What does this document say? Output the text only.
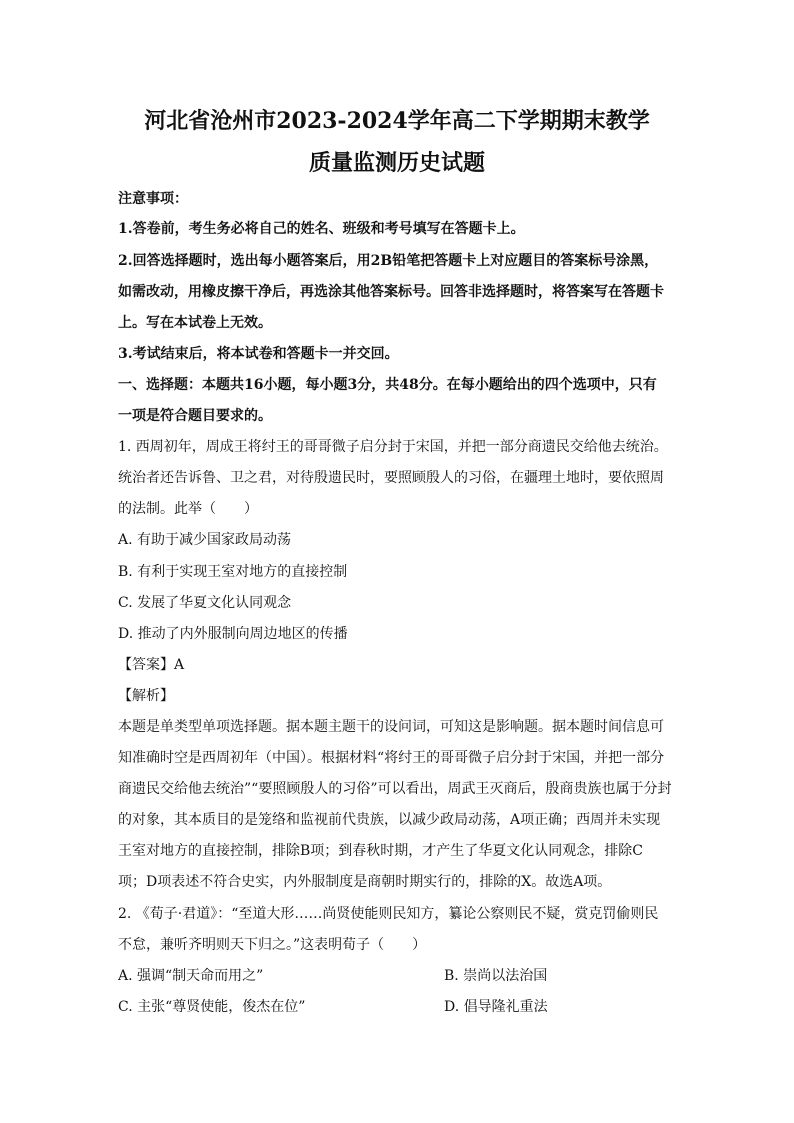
河北省沧州市2023-2024学年高二下学期期末教学
质量监测历史试题
注意事项：
1.答卷前，考生务必将自己的姓名、班级和考号填写在答题卡上。
2.回答选择题时，选出每小题答案后，用2B铅笔把答题卡上对应题目的答案标号涂黑，
如需改动，用橡皮擦干净后，再选涂其他答案标号。回答非选择题时，将答案写在答题卡
上。写在本试卷上无效。
3.考试结束后，将本试卷和答题卡一并交回。
一、选择题：本题共16小题，每小题3分，共48分。在每小题给出的四个选项中，只有
一项是符合题目要求的。
1. 西周初年，周成王将纣王的哥哥微子启分封于宋国，并把一部分商遗民交给他去统治。
统治者还告诉鲁、卫之君，对待殷遗民时，要照顾殷人的习俗，在疆理土地时，要依照周
的法制。此举（　　）
A. 有助于减少国家政局动荡
B. 有利于实现王室对地方的直接控制
C. 发展了华夏文化认同观念
D. 推动了内外服制向周边地区的传播
【答案】A
【解析】
本题是单类型单项选择题。据本题主题干的设问词，可知这是影响题。据本题时间信息可
知准确时空是西周初年（中国）。根据材料“将纣王的哥哥微子启分封于宋国，并把一部分
商遗民交给他去统治”“要照顾殷人的习俗”可以看出，周武王灭商后，殷商贵族也属于分封
的对象，其本质目的是笼络和监视前代贵族，以减少政局动荡，A项正确；西周并未实现
王室对地方的直接控制，排除B项；到春秋时期，才产生了华夏文化认同观念，排除C
项；D项表述不符合史实，内外服制度是商朝时期实行的，排除的X。故选A项。
2. 《荀子·君道》：“至道大形……尚贤使能则民知方，纂论公察则民不疑，赏克罚偷则民
不怠，兼听齐明则天下归之。”这表明荀子（　　）
A. 强调“制天命而用之”	B. 崇尚以法治国
C. 主张“尊贤使能，俊杰在位”	D. 倡导隆礼重法
